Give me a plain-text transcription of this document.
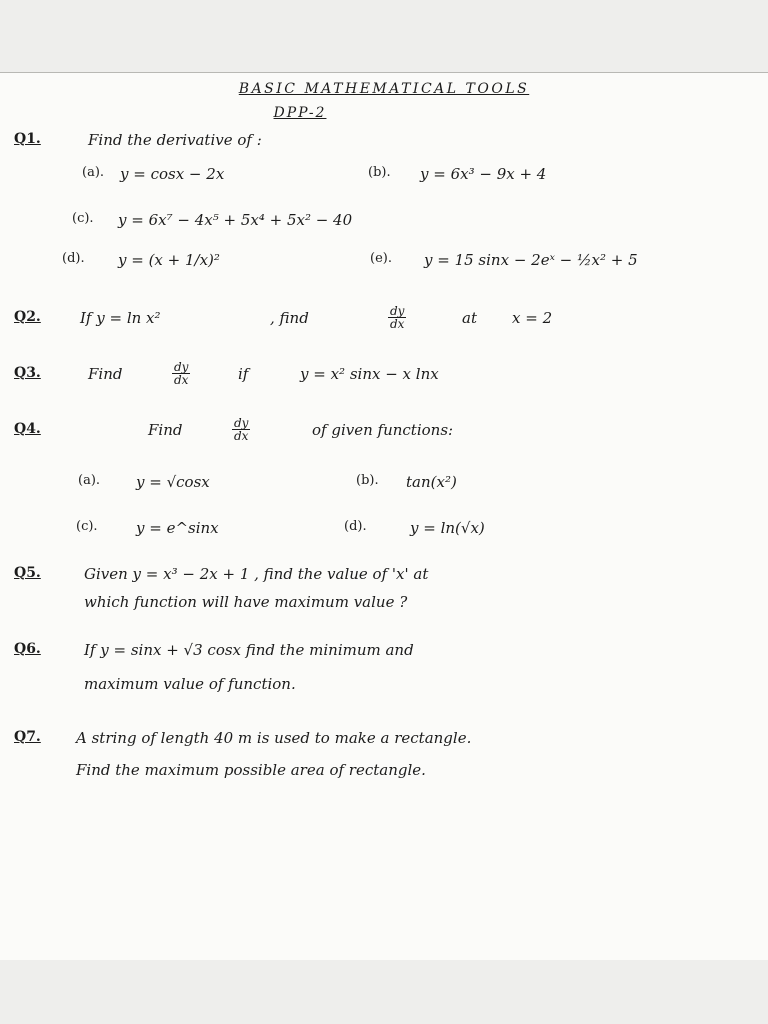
BASIC MATHEMATICAL TOOLS
DPP-2
Q1.	Find the derivative of :
(a). y = cosx − 2x	(b). y = 6x³ − 9x + 4
(c). y = 6x⁷ − 4x⁵ + 5x⁴ + 5x² − 40
(d). y = (x + 1/x)²	(e). y = 15 sinx − 2eˣ − ½x² + 5
Q2.	If y = ln x²	, find	$\frac{dy}{dx}$	at x = 2
Q3.	Find	$\frac{dy}{dx}$	if	y = x² sinx − x lnx
Q4.	Find	$\frac{dy}{dx}$	of given functions:
(a). y = √cosx	(b). tan(x²)
(c).	y = e^sinx	(d).	y = ln(√x)
Q5.	Given y = x³ − 2x + 1 , find the value of 'x' at
which function will have maximum value ?
Q6.	If y = sinx + √3 cosx find the minimum and
maximum value of function.
Q7. A string of length 40 m is used to make a rectangle.
Find the maximum possible area of rectangle.
